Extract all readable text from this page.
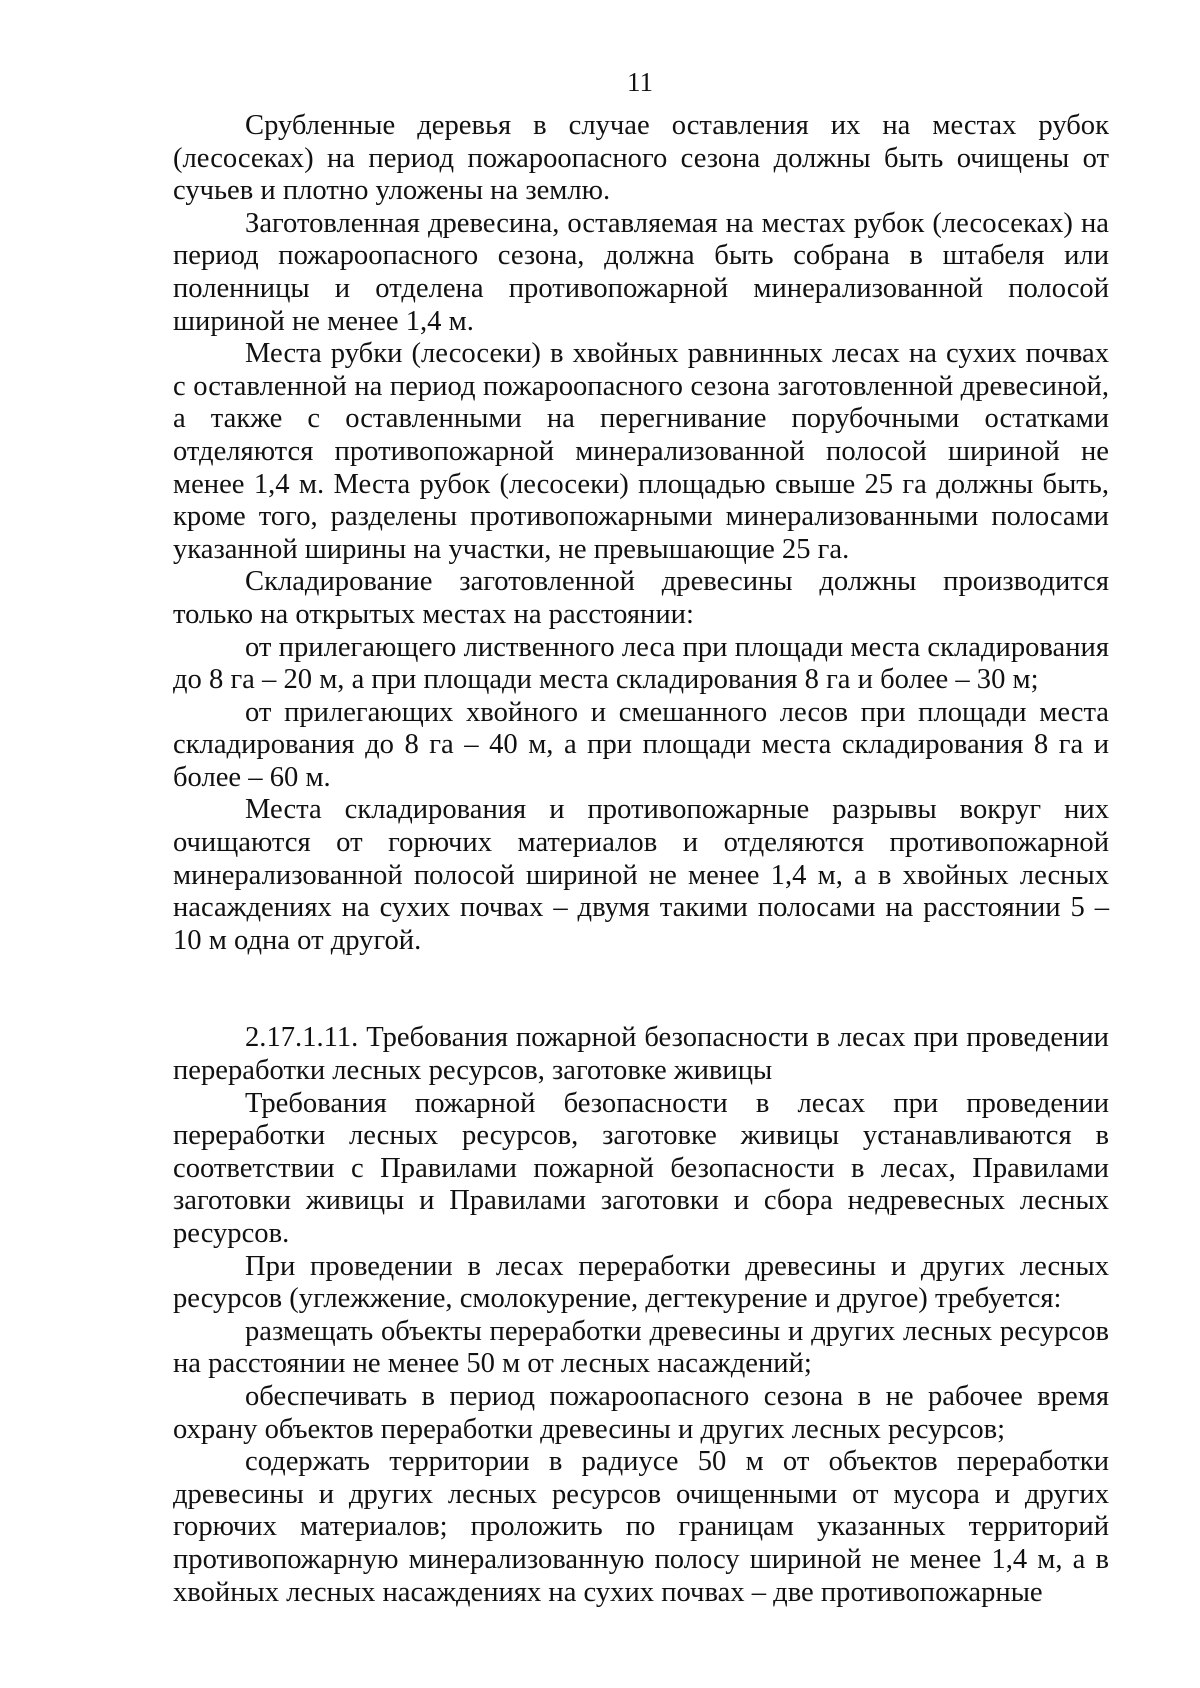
11

Срубленные деревья в случае оставления их на местах рубок (лесосеках) на период пожароопасного сезона должны быть очищены от сучьев и плотно уложены на землю.

Заготовленная древесина, оставляемая на местах рубок (лесосеках) на период пожароопасного сезона, должна быть собрана в штабеля или поленницы и отделена противопожарной минерализованной полосой шириной не менее 1,4 м.

Места рубки (лесосеки) в хвойных равнинных лесах на сухих почвах с оставленной на период пожароопасного сезона заготовленной древесиной, а также с оставленными на перегнивание порубочными остатками отделяются противопожарной минерализованной полосой шириной не менее 1,4 м. Места рубок (лесосеки) площадью свыше 25 га должны быть, кроме того, разделены противопожарными минерализованными полосами указанной ширины на участки, не превышающие 25 га.

Складирование заготовленной древесины должны производится только на открытых местах на расстоянии:

от прилегающего лиственного леса при площади места складирования до 8 га – 20 м, а при площади места складирования 8 га и более – 30 м;

от прилегающих хвойного и смешанного лесов при площади места складирования до 8 га – 40 м, а при площади места складирования 8 га и более – 60 м.

Места складирования и противопожарные разрывы вокруг них очищаются от горючих материалов и отделяются противопожарной минерализованной полосой шириной не менее 1,4 м, а в хвойных лесных насаждениях на сухих почвах – двумя такими полосами на расстоянии 5 – 10 м одна от другой.

2.17.1.11. Требования пожарной безопасности в лесах при проведении переработки лесных ресурсов, заготовке живицы

Требования пожарной безопасности в лесах при проведении переработки лесных ресурсов, заготовке живицы устанавливаются в соответствии с Правилами пожарной безопасности в лесах, Правилами заготовки живицы и Правилами заготовки и сбора недревесных лесных ресурсов.

При проведении в лесах переработки древесины и других лесных ресурсов (углежжение, смолокурение, дегтекурение и другое) требуется:

размещать объекты переработки древесины и других лесных ресурсов на расстоянии не менее 50 м от лесных насаждений;

обеспечивать в период пожароопасного сезона в не рабочее время охрану объектов переработки древесины и других лесных ресурсов;

содержать территории в радиусе 50 м от объектов переработки древесины и других лесных ресурсов очищенными от мусора и других горючих материалов; проложить по границам указанных территорий противопожарную минерализованную полосу шириной не менее 1,4 м, а в хвойных лесных насаждениях на сухих почвах – две противопожарные
